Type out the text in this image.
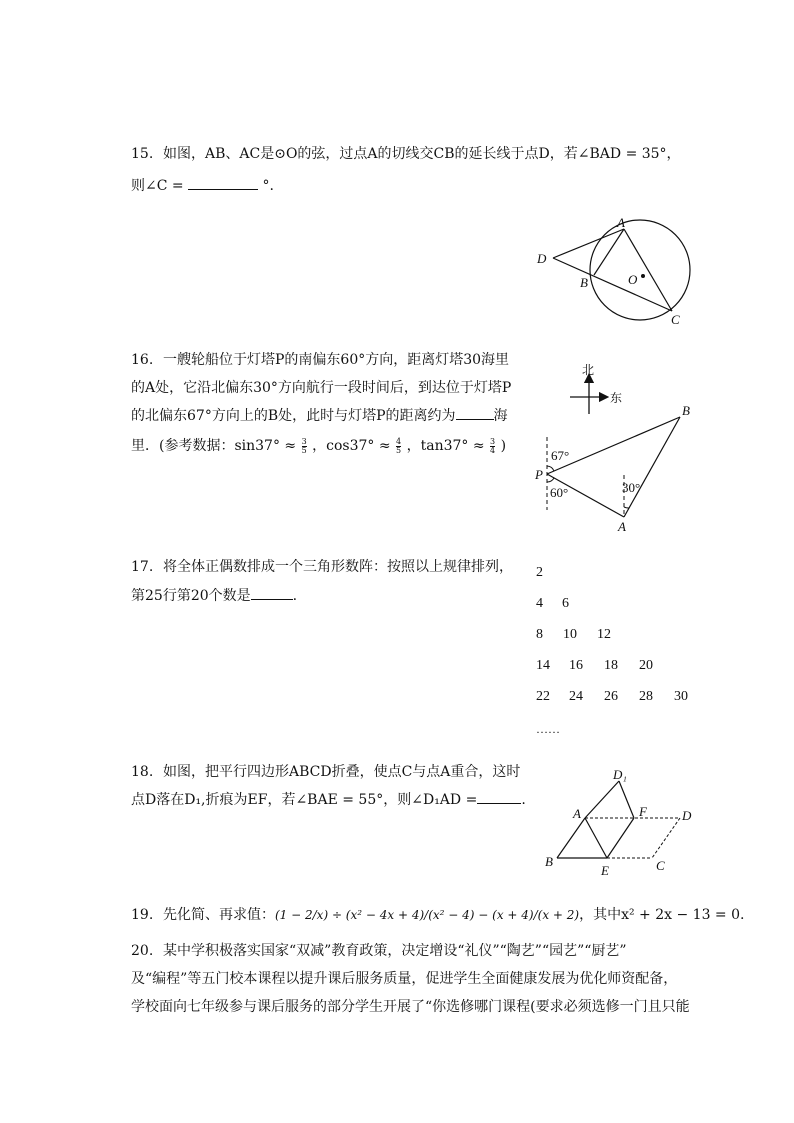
15. 如图，AB、AC是⊙O的弦，过点A的切线交CB的延长线于点D，若∠BAD = 35°，
则∠C =	°.
A
D
B	O
C
16. 一艘轮船位于灯塔P的南偏东60°方向，距离灯塔30海里
的A处，它沿北偏东30°方向航行一段时间后，到达位于灯塔P
的北偏东67°方向上的B处，此时与灯塔P的距离约为	海
里．(参考数据：$\sin 37^\circ \approx \frac{3}{5}$ ，$\cos 37^\circ \approx \frac{4}{5}$ ，$\tan 37^\circ \approx \frac{3}{4}$ )
北
东
67°
P
60°	30°
A
B
17. 将全体正偶数排成一个三角形数阵：按照以上规律排列，
第25行第20个数是	.
2
4 6
8 10 12
14 16 18 20
22 24 26 28 30
……
18. 如图，把平行四边形ABCD折叠，使点C与点A重合，这时
点D落在D₁,折痕为EF，若∠BAE = 55°，则∠D₁AD =	.
D₁
A	F	D
B
E	C
19. 先化简、再求值：(1 − 2/x) ÷ (x² − 4x + 4)/(x² − 4) − (x + 4)/(x + 2)，其中x² + 2x − 13 = 0.
20. 某中学积极落实国家“双减”教育政策，决定增设“礼仪”“陶艺”“园艺”“厨艺”
及“编程”等五门校本课程以提升课后服务质量，促进学生全面健康发展为优化师资配备，
学校面向七年级参与课后服务的部分学生开展了“你选修哪门课程(要求必须选修一门且只能
